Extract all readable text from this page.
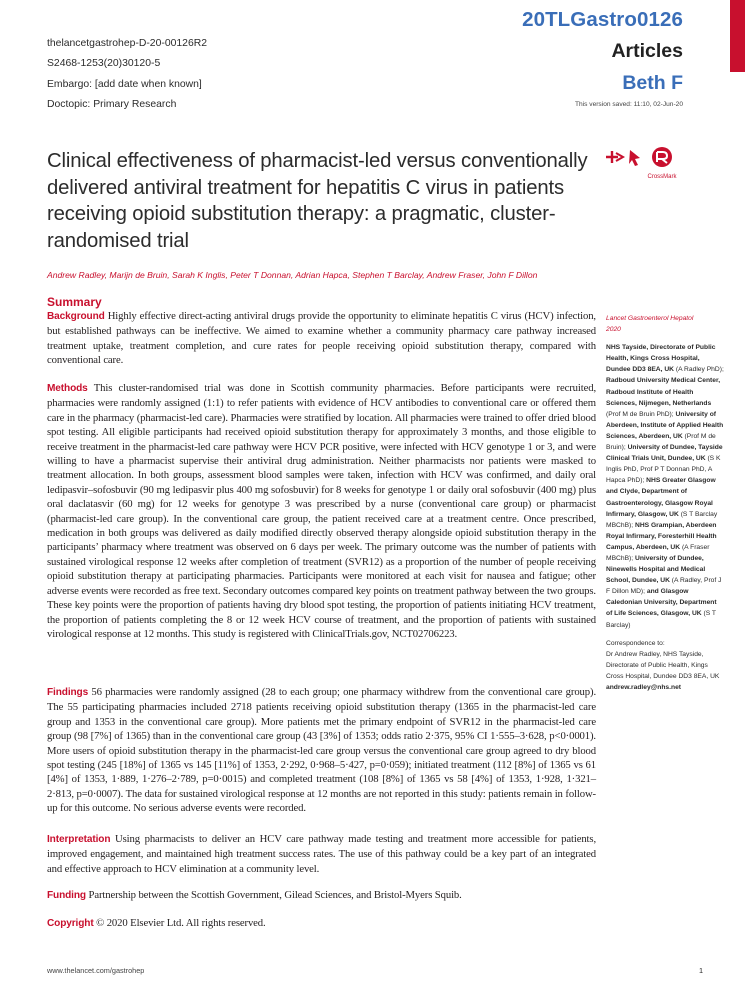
thelancetgastrohep-D-20-00126R2
S2468-1253(20)30120-5
Embargo: [add date when known]
Doctopic: Primary Research
20TLGastro0126
Articles
Beth F
This version saved: 11:10, 02-Jun-20
Clinical effectiveness of pharmacist-led versus conventionally delivered antiviral treatment for hepatitis C virus in patients receiving opioid substitution therapy: a pragmatic, cluster-randomised trial
CrossMark
Andrew Radley, Marijn de Bruin, Sarah K Inglis, Peter T Donnan, Adrian Hapca, Stephen T Barclay, Andrew Fraser, John F Dillon
Summary

Background Highly effective direct-acting antiviral drugs provide the opportunity to eliminate hepatitis C virus (HCV) infection, but established pathways can be ineffective. We aimed to examine whether a community pharmacy care pathway increased treatment uptake, treatment completion, and cure rates for people receiving opioid substitution therapy, compared with conventional care.

Methods This cluster-randomised trial was done in Scottish community pharmacies. Before participants were recruited, pharmacies were randomly assigned (1:1) to refer patients with evidence of HCV antibodies to conventional care or offered them care in the pharmacy (pharmacist-led care). Pharmacies were stratified by location. All pharmacies were trained to offer dried blood spot testing. All eligible participants had received opioid substitution therapy for approximately 3 months, and those eligible to receive treatment in the pharmacist-led care pathway were HCV PCR positive, were infected with HCV genotype 1 or 3, and were willing to have a pharmacist supervise their antiviral drug administration. Neither pharmacists nor patients were masked to treatment allocation. In both groups, assessment blood samples were taken, infection with HCV was confirmed, and daily oral ledipasvir–sofosbuvir (90 mg ledipasvir plus 400 mg sofosbuvir) for 8 weeks for genotype 1 or daily oral sofosbuvir (400 mg) plus oral daclatasvir (60 mg) for 12 weeks for genotype 3 was prescribed by a nurse (conventional care group) or pharmacist (pharmacist-led care group). In the conventional care group, the patient received care at a treatment centre. Once prescribed, medication in both groups was delivered as daily modified directly observed therapy alongside opioid substitution therapy in the participants’ pharmacy where treatment was observed on 6 days per week. The primary outcome was the number of patients with sustained virological response 12 weeks after completion of treatment (SVR12) as a proportion of the number of people receiving opioid substitution therapy at participating pharmacies. Participants were monitored at each visit for nausea and fatigue; other adverse events were recorded as free text. Secondary outcomes compared key points on treatment pathway between the two groups. These key points were the proportion of patients having dry blood spot testing, the proportion of patients initiating HCV treatment, the proportion of patients completing the 8 or 12 week HCV course of treatment, and the proportion of patients with sustained virological response at 12 months. This study is registered with ClinicalTrials.gov, NCT02706223.

Findings 56 pharmacies were randomly assigned (28 to each group; one pharmacy withdrew from the conventional care group). The 55 participating pharmacies included 2718 patients receiving opioid substitution therapy (1365 in the pharmacist-led care group and 1353 in the conventional care group). More patients met the primary endpoint of SVR12 in the pharmacist-led care group (98 [7%] of 1365) than in the conventional care group (43 [3%] of 1353; odds ratio 2·375, 95% CI 1·555–3·628, p<0·0001). More users of opioid substitution therapy in the pharmacist-led care group versus the conventional care group agreed to dry blood spot testing (245 [18%] of 1365 vs 145 [11%] of 1353, 2·292, 0·968–5·427, p=0·059); initiated treatment (112 [8%] of 1365 vs 61 [4%] of 1353, 1·889, 1·276–2·789, p=0·0015) and completed treatment (108 [8%] of 1365 vs 58 [4%] of 1353, 1·928, 1·321–2·813, p=0·0007). The data for sustained virological response at 12 months are not reported in this study: patients remain in follow-up for this outcome. No serious adverse events were recorded.

Interpretation Using pharmacists to deliver an HCV care pathway made testing and treatment more accessible for patients, improved engagement, and maintained high treatment success rates. The use of this pathway could be a key part of an integrated and effective approach to HCV elimination at a community level.

Funding Partnership between the Scottish Government, Gilead Sciences, and Bristol-Myers Squib.

Copyright © 2020 Elsevier Ltd. All rights reserved.

Lancet Gastroenterol Hepatol
2020
NHS Tayside, Directorate of Public Health, Kings Cross Hospital, Dundee DD3 8EA, UK (A Radley PhD); Radboud University Medical Center, Radboud Institute of Health Sciences, Nijmegen, Netherlands (Prof M de Bruin PhD); University of Aberdeen, Institute of Applied Health Sciences, Aberdeen, UK (Prof M de Bruin); University of Dundee, Tayside Clinical Trials Unit, Dundee, UK (S K Inglis PhD, Prof P T Donnan PhD, A Hapca PhD); NHS Greater Glasgow and Clyde, Department of Gastroenterology, Glasgow Royal Infirmary, Glasgow, UK (S T Barclay MBChB); NHS Grampian, Aberdeen Royal Infirmary, Foresterhill Health Campus, Aberdeen, UK (A Fraser MBChB); University of Dundee, Ninewells Hospital and Medical School, Dundee, UK (A Radley, Prof J F Dillon MD); and Glasgow Caledonian University, Department of Life Sciences, Glasgow, UK (S T Barclay)
Correspondence to:
Dr Andrew Radley, NHS Tayside, Directorate of Public Health, Kings Cross Hospital, Dundee DD3 8EA, UK
andrew.radley@nhs.net
www.thelancet.com/gastrohep	1
